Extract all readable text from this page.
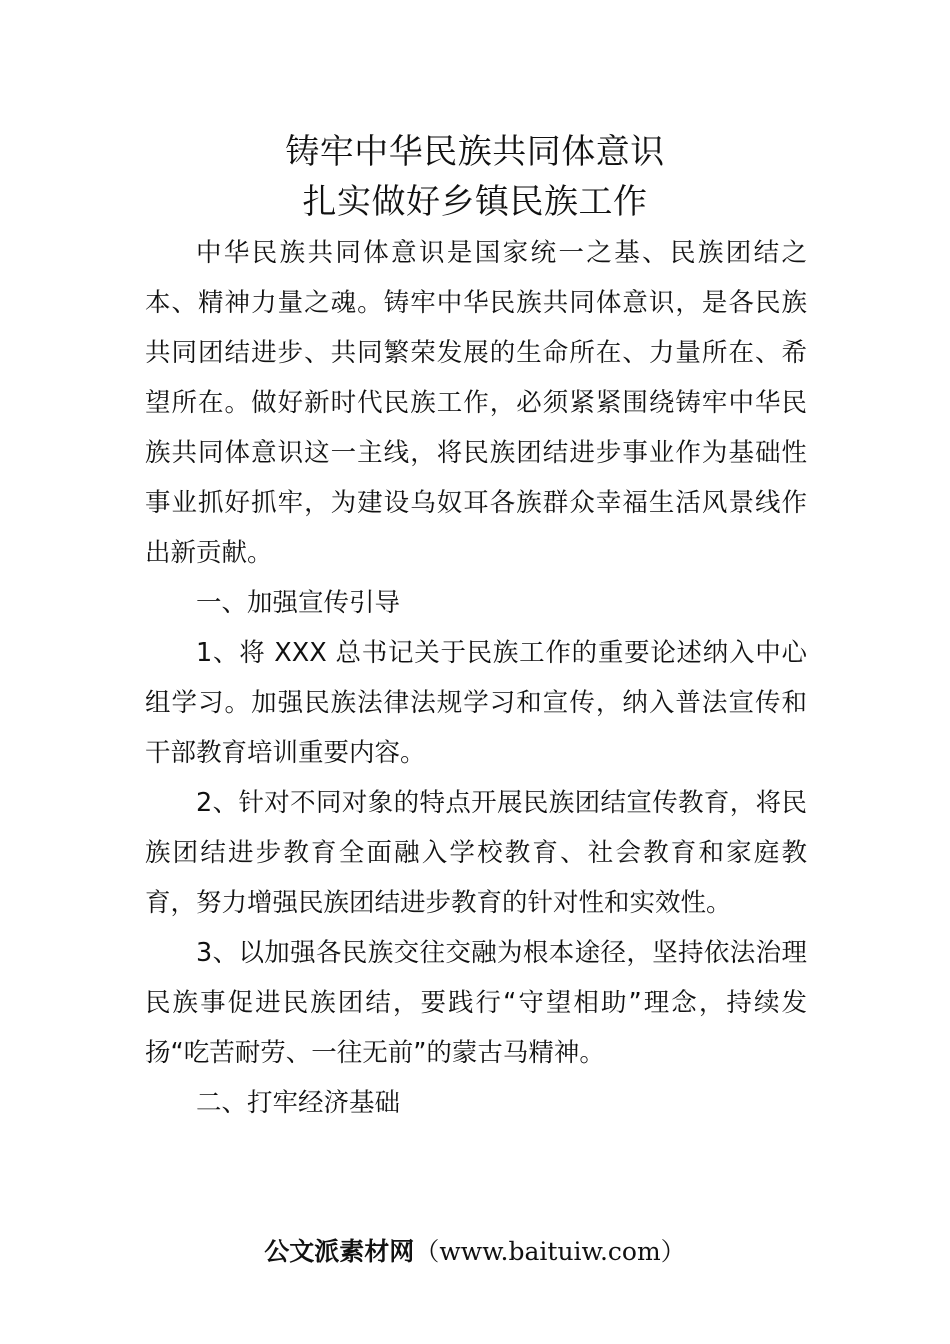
铸牢中华民族共同体意识
扎实做好乡镇民族工作

中华民族共同体意识是国家统一之基、民族团结之本、精神力量之魂。铸牢中华民族共同体意识，是各民族共同团结进步、共同繁荣发展的生命所在、力量所在、希望所在。做好新时代民族工作，必须紧紧围绕铸牢中华民族共同体意识这一主线，将民族团结进步事业作为基础性事业抓好抓牢，为建设乌奴耳各族群众幸福生活风景线作出新贡献。

一、加强宣传引导

1、将 XXX 总书记关于民族工作的重要论述纳入中心组学习。加强民族法律法规学习和宣传，纳入普法宣传和干部教育培训重要内容。

2、针对不同对象的特点开展民族团结宣传教育，将民族团结进步教育全面融入学校教育、社会教育和家庭教育，努力增强民族团结进步教育的针对性和实效性。

3、以加强各民族交往交融为根本途径，坚持依法治理民族事促进民族团结，要践行“守望相助”理念，持续发扬“吃苦耐劳、一往无前”的蒙古马精神。

二、打牢经济基础

公文派素材网（www.baituiw.com）
